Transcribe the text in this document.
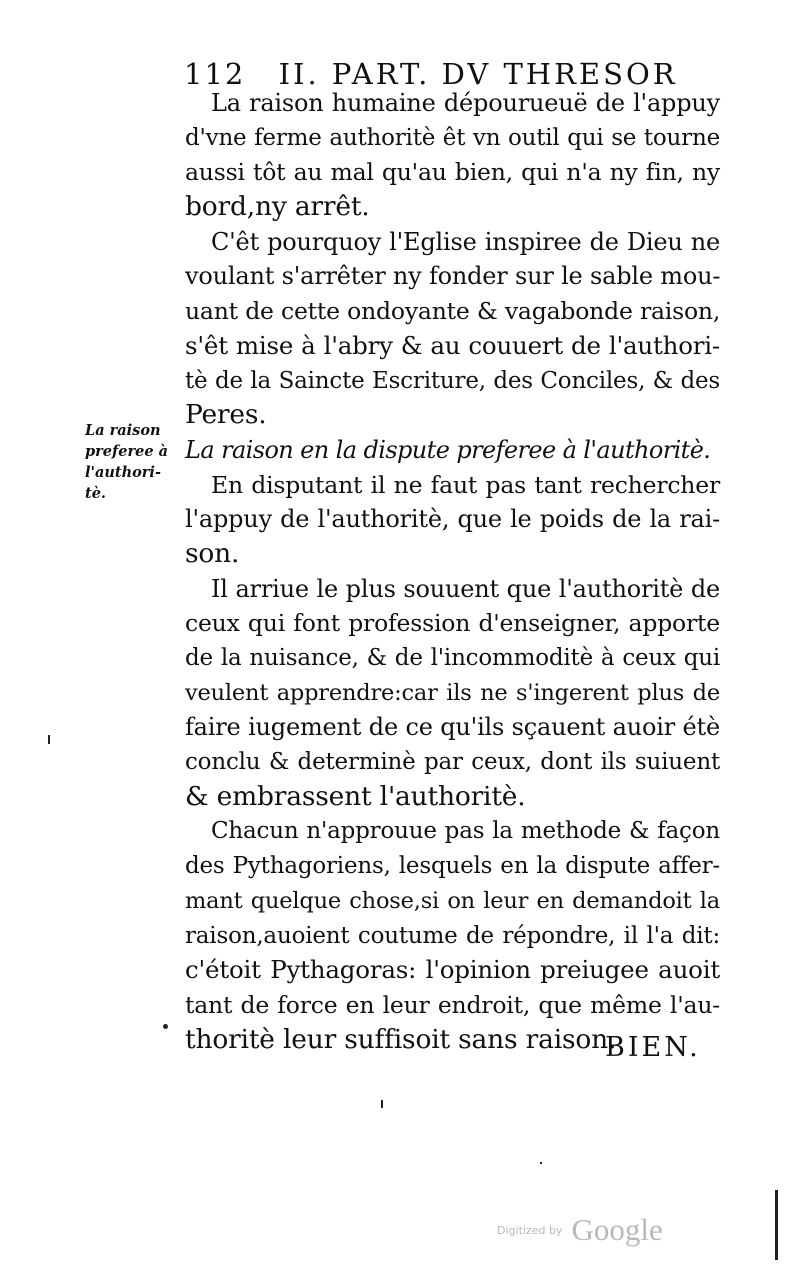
112 II. PART. DV THRESOR
La raison
preferee à
l'authori-
tè.
La raison humaine dépourueuë de l'appuy
d'vne ferme authoritè êt vn outil qui se tourne
aussi tôt au mal qu'au bien, qui n'a ny fin, ny
bord,ny arrêt.
C'êt pourquoy l'Eglise inspiree de Dieu ne
voulant s'arrêter ny fonder sur le sable mou-
uant de cette ondoyante & vagabonde raison,
s'êt mise à l'abry & au couuert de l'authori-
tè de la Saincte Escriture, des Conciles, & des
Peres.
La raison en la dispute preferee à l'authoritè.
En disputant il ne faut pas tant rechercher
l'appuy de l'authoritè, que le poids de la rai-
son.
Il arriue le plus souuent que l'authoritè de
ceux qui font profession d'enseigner, apporte
de la nuisance, & de l'incommoditè à ceux qui
veulent apprendre:car ils ne s'ingerent plus de
faire iugement de ce qu'ils sçauent auoir étè
conclu & determinè par ceux, dont ils suiuent
& embrassent l'authoritè.
Chacun n'approuue pas la methode & façon
des Pythagoriens, lesquels en la dispute affer-
mant quelque chose,si on leur en demandoit la
raison,auoient coutume de répondre, il l'a dit:
c'étoit Pythagoras: l'opinion preiugee auoit
tant de force en leur endroit, que même l'au-
thoritè leur suffisoit sans raison.
BIEN.
Digitized by Google
